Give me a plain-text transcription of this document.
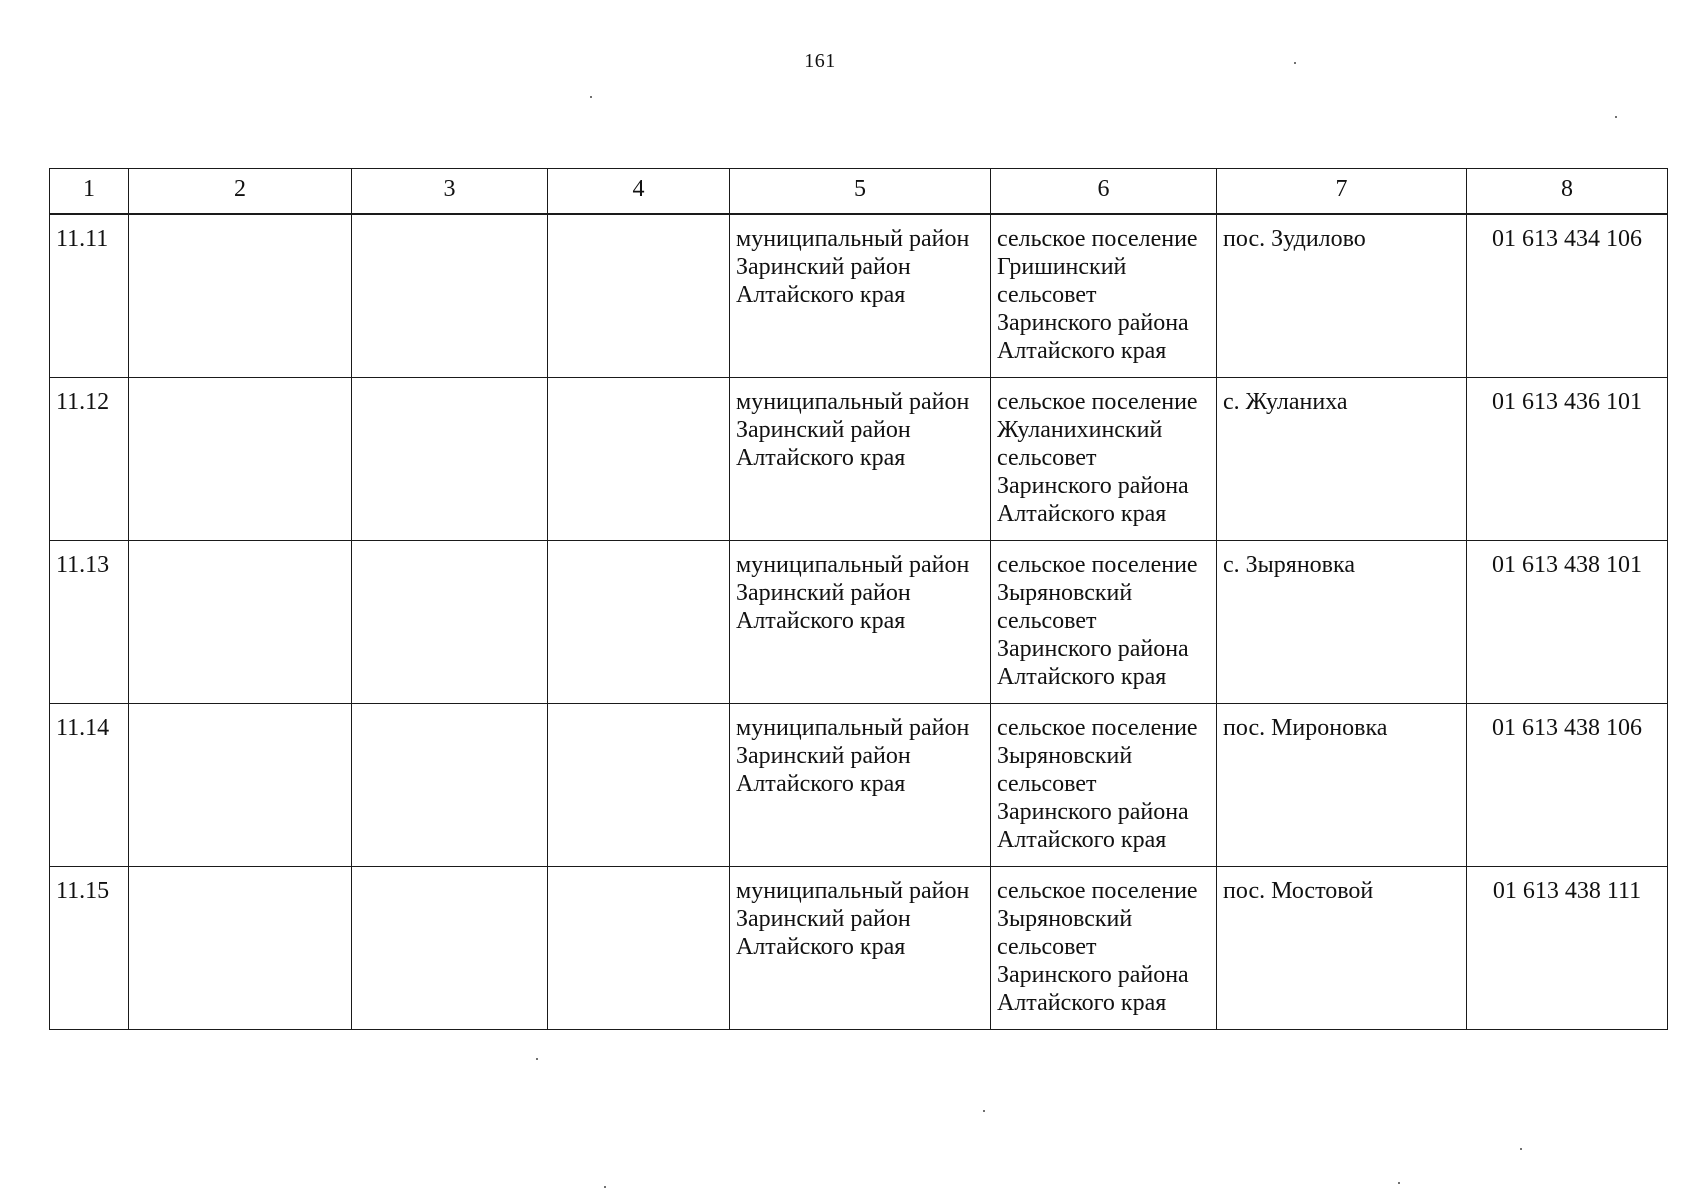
161
1	2	3	4	5	6	7	8
11.11				муниципальный район
Заринский район
Алтайского края	сельское поселение
Гришинский
сельсовет
Заринского района
Алтайского края	пос. Зудилово	01 613 434 106
11.12				муниципальный район
Заринский район
Алтайского края	сельское поселение
Жуланихинский
сельсовет
Заринского района
Алтайского края	с. Жуланиха	01 613 436 101
11.13				муниципальный район
Заринский район
Алтайского края	сельское поселение
Зыряновский
сельсовет
Заринского района
Алтайского края	с. Зыряновка	01 613 438 101
11.14				муниципальный район
Заринский район
Алтайского края	сельское поселение
Зыряновский
сельсовет
Заринского района
Алтайского края	пос. Мироновка	01 613 438 106
11.15				муниципальный район
Заринский район
Алтайского края	сельское поселение
Зыряновский
сельсовет
Заринского района
Алтайского края	пос. Мостовой	01 613 438 111
